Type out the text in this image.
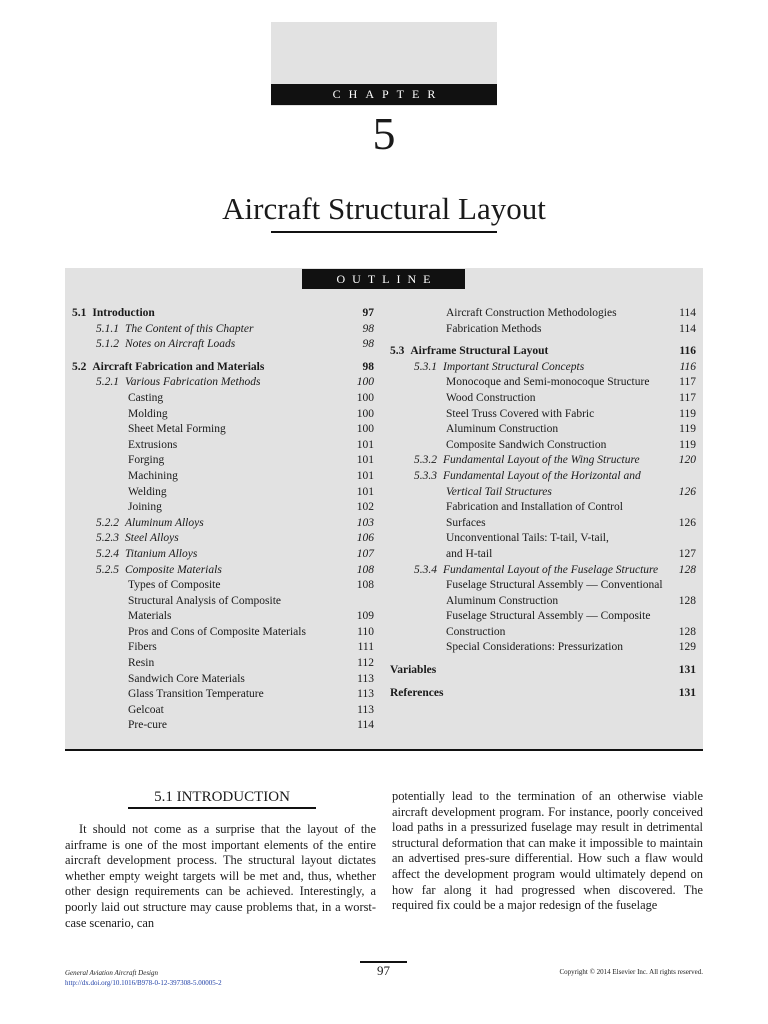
CHAPTER
5
Aircraft Structural Layout
OUTLINE
5.1 Introduction	97
5.1.1 The Content of this Chapter	98
5.1.2 Notes on Aircraft Loads	98
5.2 Aircraft Fabrication and Materials	98
5.2.1 Various Fabrication Methods	100
Casting	100
Molding	100
Sheet Metal Forming	100
Extrusions	101
Forging	101
Machining	101
Welding	101
Joining	102
5.2.2 Aluminum Alloys	103
5.2.3 Steel Alloys	106
5.2.4 Titanium Alloys	107
5.2.5 Composite Materials	108
Types of Composite	108
Structural Analysis of Composite
Materials	109
Pros and Cons of Composite Materials	110
Fibers	111
Resin	112
Sandwich Core Materials	113
Glass Transition Temperature	113
Gelcoat	113
Pre-cure	114
Aircraft Construction Methodologies	114
Fabrication Methods	114
5.3 Airframe Structural Layout	116
5.3.1 Important Structural Concepts	116
Monocoque and Semi-monocoque Structure	117
Wood Construction	117
Steel Truss Covered with Fabric	119
Aluminum Construction	119
Composite Sandwich Construction	119
5.3.2 Fundamental Layout of the Wing Structure	120
5.3.3 Fundamental Layout of the Horizontal and
Vertical Tail Structures	126
Fabrication and Installation of Control
Surfaces	126
Unconventional Tails: T-tail, V-tail,
and H-tail	127
5.3.4 Fundamental Layout of the Fuselage Structure	128
Fuselage Structural Assembly — Conventional
Aluminum Construction	128
Fuselage Structural Assembly — Composite
Construction	128
Special Considerations: Pressurization	129
Variables	131
References	131
5.1 INTRODUCTION
It should not come as a surprise that the layout of the airframe is one of the most important elements of the entire aircraft development process. The structural layout dictates whether empty weight targets will be met and, thus, whether other design requirements can be achieved. Interestingly, a poorly laid out structure may cause problems that, in a worst-case scenario, can
potentially lead to the termination of an otherwise viable aircraft development program. For instance, poorly conceived load paths in a pressurized fuselage may result in detrimental structural deformation that can make it impossible to maintain an advertised pres-sure differential. How such a flaw would affect the development program would ultimately depend on how far along it had progressed when discovered. The required fix could be a major redesign of the fuselage
General Aviation Aircraft Design
http://dx.doi.org/10.1016/B978-0-12-397308-5.00005-2
97	Copyright © 2014 Elsevier Inc. All rights reserved.
